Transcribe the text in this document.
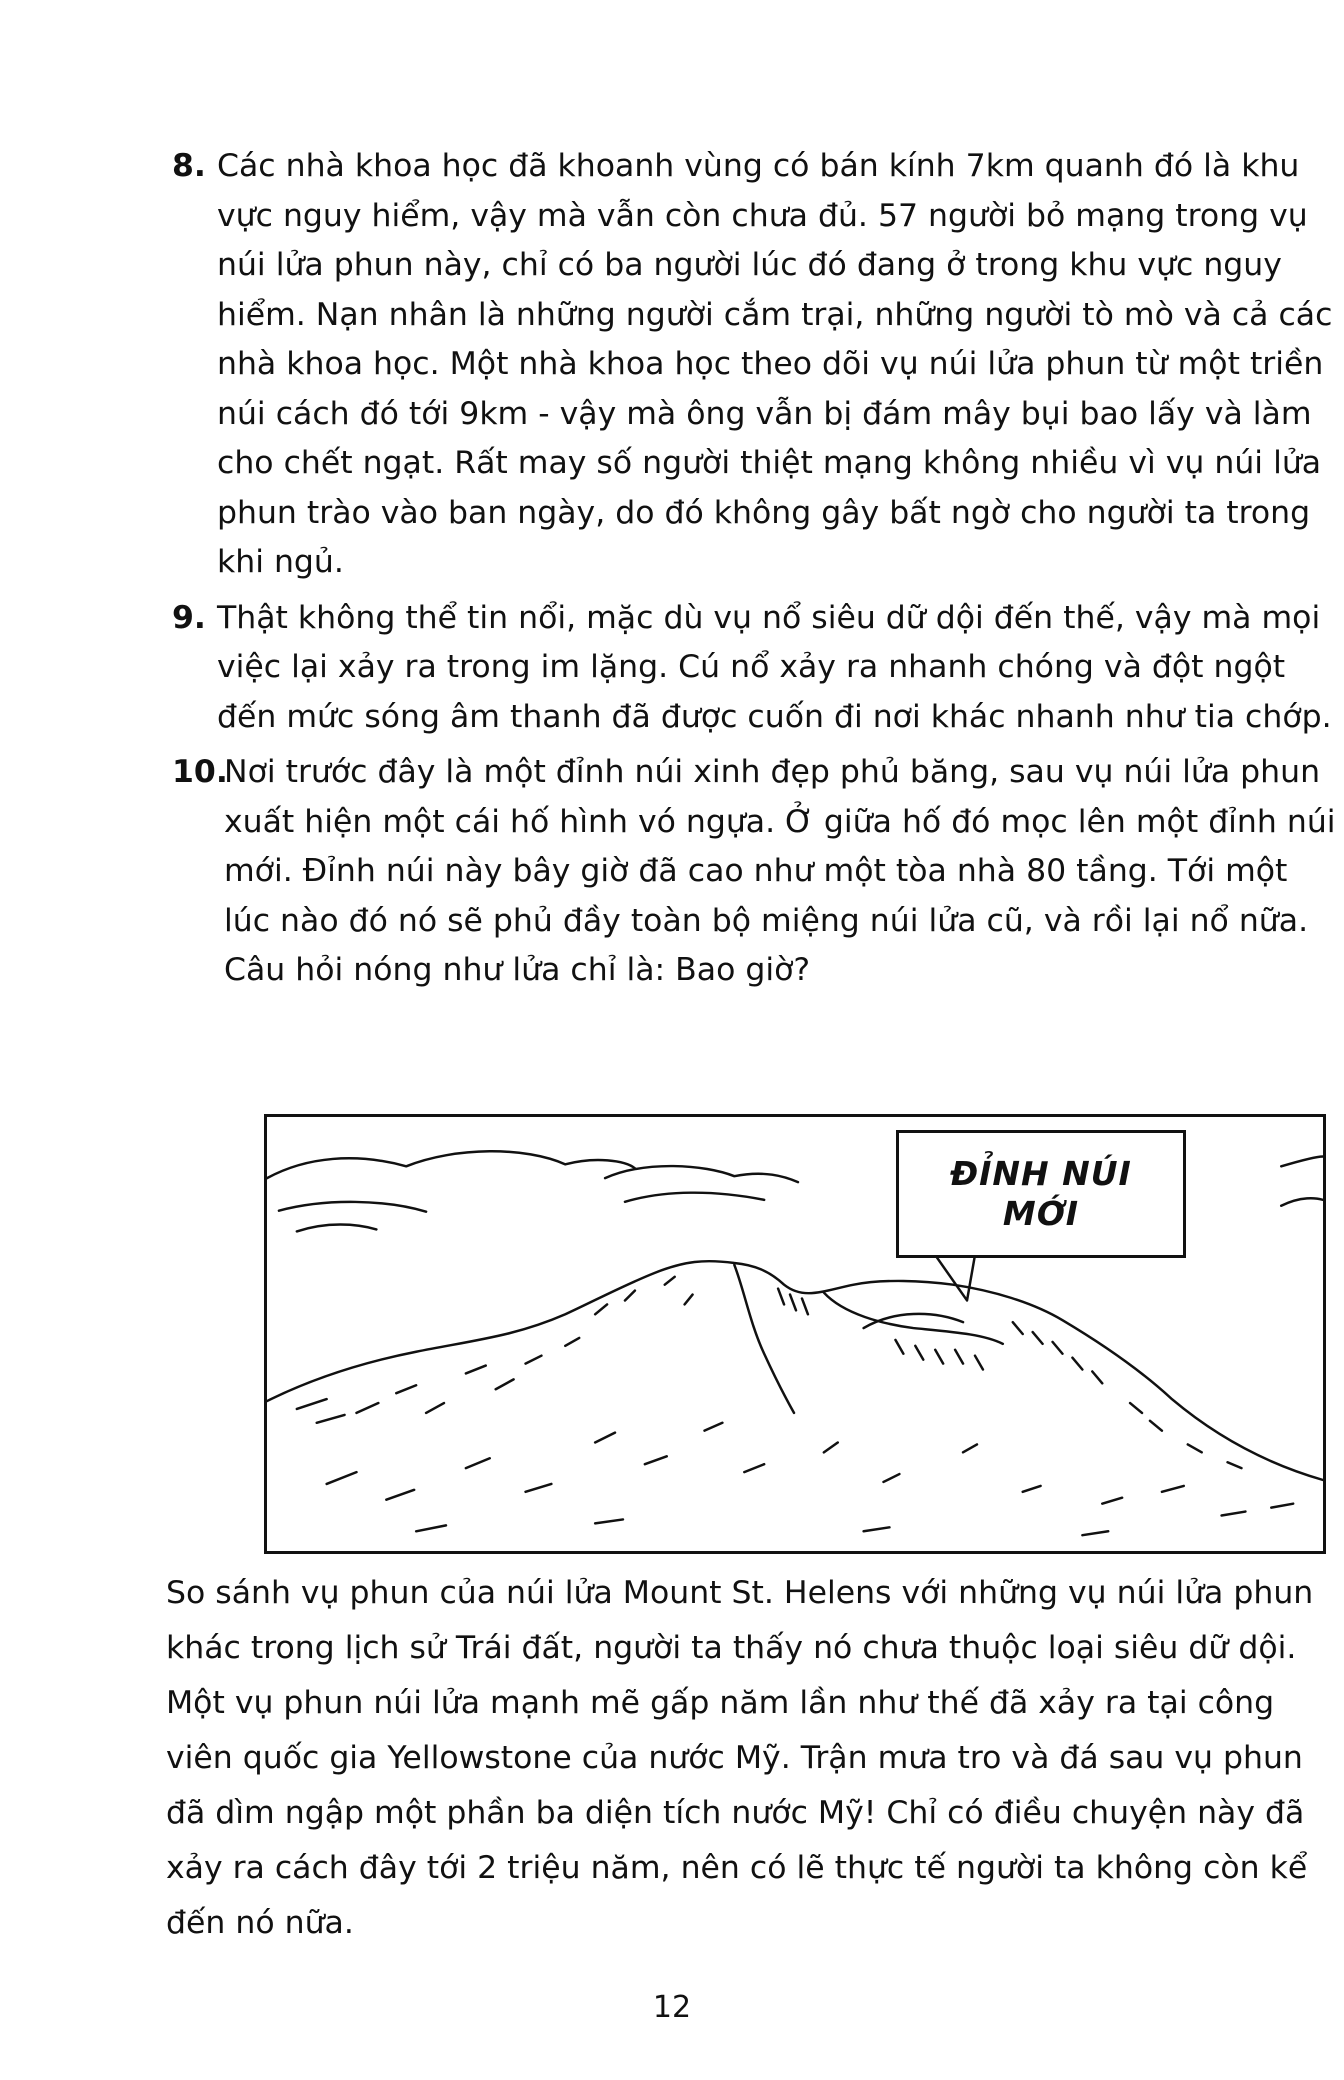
8. Các nhà khoa học đã khoanh vùng có bán kính 7km quanh đó là khu vực nguy hiểm, vậy mà vẫn còn chưa đủ. 57 người bỏ mạng trong vụ núi lửa phun này, chỉ có ba người lúc đó đang ở trong khu vực nguy hiểm. Nạn nhân là những người cắm trại, những người tò mò và cả các nhà khoa học. Một nhà khoa học theo dõi vụ núi lửa phun từ một triền núi cách đó tới 9km - vậy mà ông vẫn bị đám mây bụi bao lấy và làm cho chết ngạt. Rất may số người thiệt mạng không nhiều vì vụ núi lửa phun trào vào ban ngày, do đó không gây bất ngờ cho người ta trong khi ngủ.
9. Thật không thể tin nổi, mặc dù vụ nổ siêu dữ dội đến thế, vậy mà mọi việc lại xảy ra trong im lặng. Cú nổ xảy ra nhanh chóng và đột ngột đến mức sóng âm thanh đã được cuốn đi nơi khác nhanh như tia chớp.
10.
Nơi trước đây là một đỉnh núi xinh đẹp phủ băng, sau vụ núi lửa phun xuất hiện một cái hố hình vó ngựa. Ở giữa hố đó mọc lên một đỉnh núi mới. Đỉnh núi này bây giờ đã cao như một tòa nhà 80 tầng. Tới một lúc nào đó nó sẽ phủ đầy toàn bộ miệng núi lửa cũ, và rồi lại nổ nữa. Câu hỏi nóng như lửa chỉ là: Bao giờ?
ĐỈNH NÚI
MỚI

So sánh vụ phun của núi lửa Mount St. Helens với những vụ núi lửa phun khác trong lịch sử Trái đất, người ta thấy nó chưa thuộc loại siêu dữ dội. Một vụ phun núi lửa mạnh mẽ gấp năm lần như thế đã xảy ra tại công viên quốc gia Yellowstone của nước Mỹ. Trận mưa tro và đá sau vụ phun đã dìm ngập một phần ba diện tích nước Mỹ! Chỉ có điều chuyện này đã xảy ra cách đây tới 2 triệu năm, nên có lẽ thực tế người ta không còn kể đến nó nữa.

12
